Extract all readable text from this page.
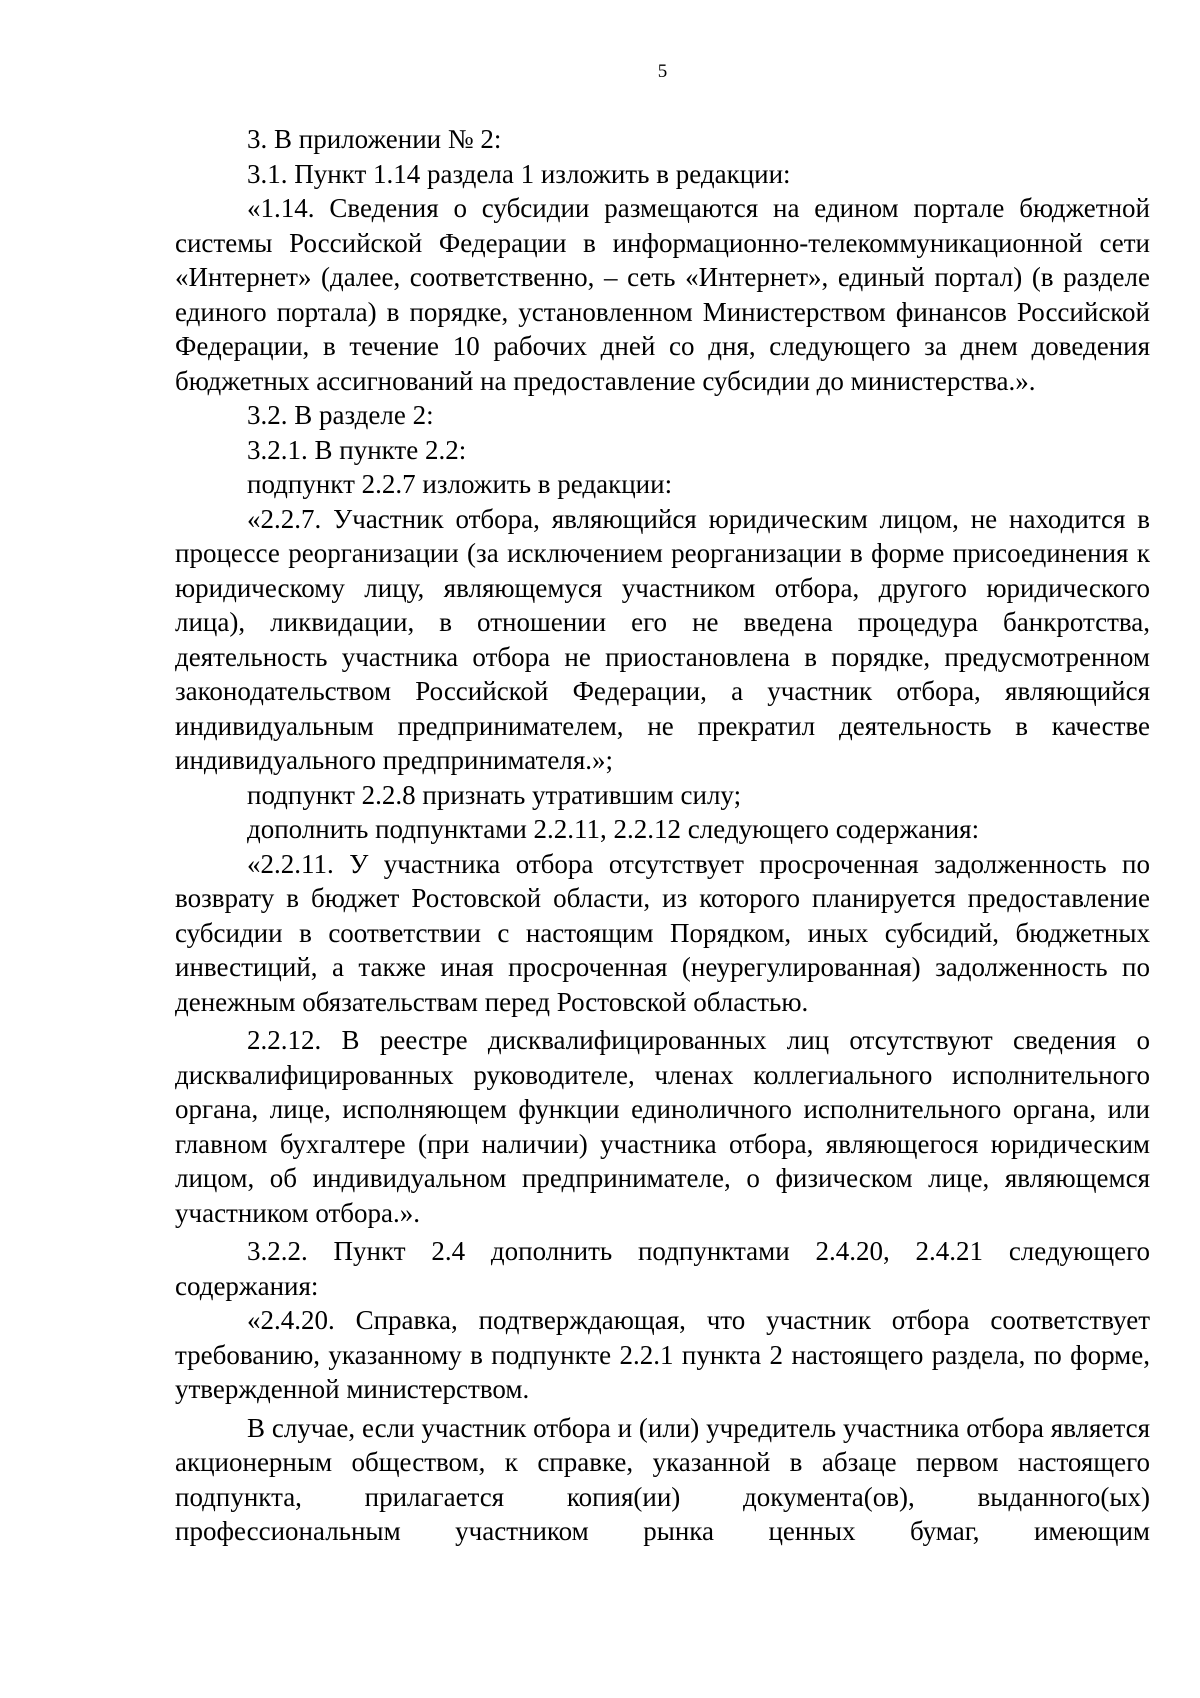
5

3. В приложении № 2:

3.1. Пункт 1.14 раздела 1 изложить в редакции:

«1.14. Сведения о субсидии размещаются на едином портале бюджетной системы Российской Федерации в информационно-телекоммуникационной сети «Интернет» (далее, соответственно, – сеть «Интернет», единый портал) (в разделе единого портала) в порядке, установленном Министерством финансов Российской Федерации, в течение 10 рабочих дней со дня, следующего за днем доведения бюджетных ассигнований на предоставление субсидии до министерства.».

3.2. В разделе 2:

3.2.1. В пункте 2.2:

подпункт 2.2.7 изложить в редакции:

«2.2.7. Участник отбора, являющийся юридическим лицом, не находится в процессе реорганизации (за исключением реорганизации в форме присоединения к юридическому лицу, являющемуся участником отбора, другого юридического лица), ликвидации, в отношении его не введена процедура банкротства, деятельность участника отбора не приостановлена в порядке, предусмотренном законодательством Российской Федерации, а участник отбора, являющийся индивидуальным предпринимателем, не прекратил деятельность в качестве индивидуального предпринимателя.»;

подпункт 2.2.8 признать утратившим силу;

дополнить подпунктами 2.2.11, 2.2.12 следующего содержания:

«2.2.11. У участника отбора отсутствует просроченная задолженность по возврату в бюджет Ростовской области, из которого планируется предоставление субсидии в соответствии с настоящим Порядком, иных субсидий, бюджетных инвестиций, а также иная просроченная (неурегулированная) задолженность по денежным обязательствам перед Ростовской областью.

2.2.12. В реестре дисквалифицированных лиц отсутствуют сведения о дисквалифицированных руководителе, членах коллегиального исполнительного органа, лице, исполняющем функции единоличного исполнительного органа, или главном бухгалтере (при наличии) участника отбора, являющегося юридическим лицом, об индивидуальном предпринимателе, о физическом лице, являющемся участником отбора.».

3.2.2. Пункт 2.4 дополнить подпунктами 2.4.20, 2.4.21 следующего содержания:

«2.4.20. Справка, подтверждающая, что участник отбора соответствует требованию, указанному в подпункте 2.2.1 пункта 2 настоящего раздела, по форме, утвержденной министерством.

В случае, если участник отбора и (или) учредитель участника отбора является акционерным обществом, к справке, указанной в абзаце первом настоящего подпункта, прилагается копия(ии) документа(ов), выданного(ых) профессиональным участником рынка ценных бумаг, имеющим
